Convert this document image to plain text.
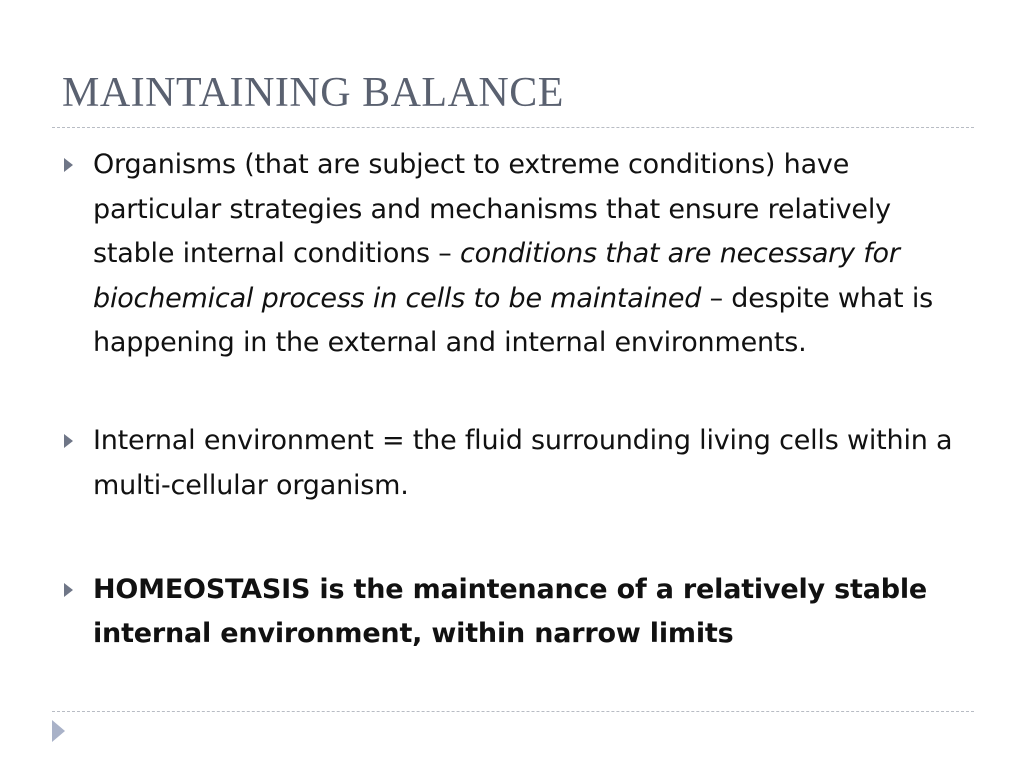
MAINTAINING BALANCE
Organisms (that are subject to extreme conditions) have particular strategies and mechanisms that ensure relatively stable internal conditions – conditions that are necessary for biochemical process in cells to be maintained – despite what is happening in the external and internal environments.
Internal environment = the fluid surrounding living cells within a multi-cellular organism.
HOMEOSTASIS is the maintenance of a relatively stable internal environment, within narrow limits
